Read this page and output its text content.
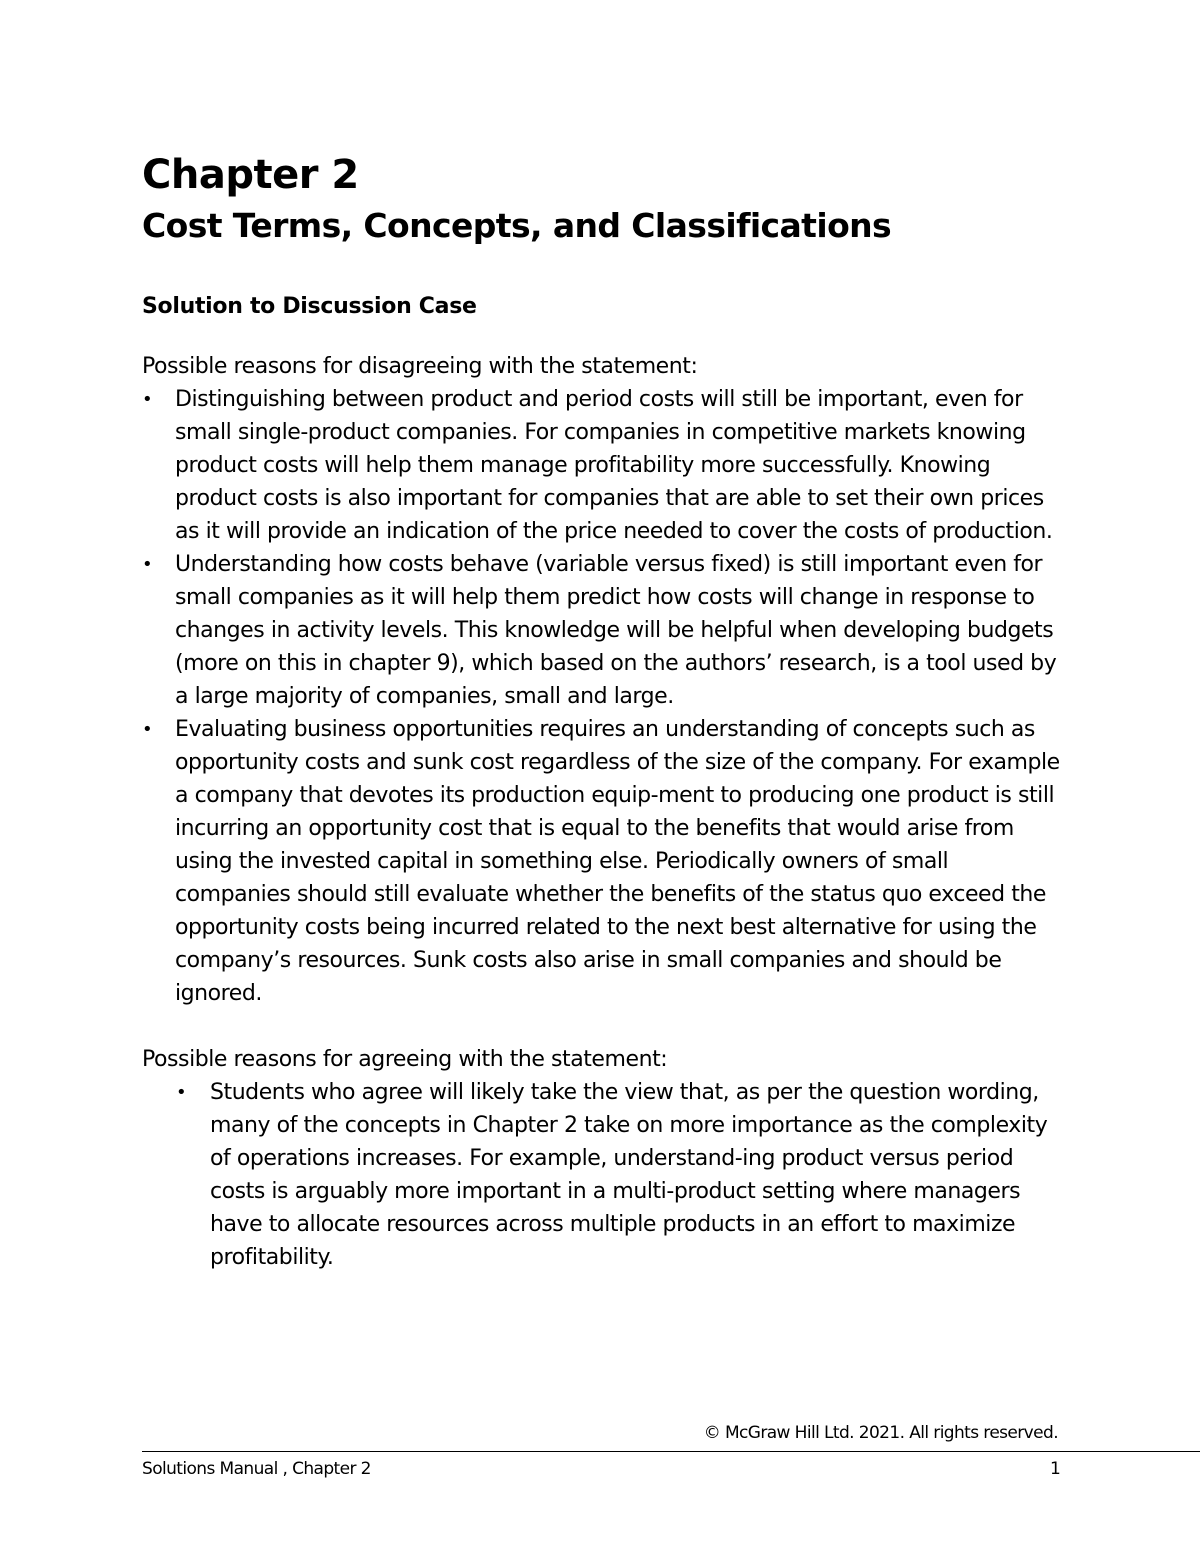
Chapter 2
Cost Terms, Concepts, and Classifications
Solution to Discussion Case

Possible reasons for disagreeing with the statement:

• Distinguishing between product and period costs will still be important, even for small single-product companies. For companies in competitive markets knowing product costs will help them manage profitability more successfully. Knowing product costs is also important for companies that are able to set their own prices as it will provide an indication of the price needed to cover the costs of production.
• Understanding how costs behave (variable versus fixed) is still important even for small companies as it will help them predict how costs will change in response to changes in activity levels. This knowledge will be helpful when developing budgets (more on this in chapter 9), which based on the authors’ research, is a tool used by a large majority of companies, small and large.
• Evaluating business opportunities requires an understanding of concepts such as opportunity costs and sunk cost regardless of the size of the company. For example a company that devotes its production equip-ment to producing one product is still incurring an opportunity cost that is equal to the benefits that would arise from using the invested capital in something else. Periodically owners of small companies should still evaluate whether the benefits of the status quo exceed the opportunity costs being incurred related to the next best alternative for using the company’s resources. Sunk costs also arise in small companies and should be ignored.

Possible reasons for agreeing with the statement:

• Students who agree will likely take the view that, as per the question wording, many of the concepts in Chapter 2 take on more importance as the complexity of operations increases. For example, understand-ing product versus period costs is arguably more important in a multi-product setting where managers have to allocate resources across multiple products in an effort to maximize profitability.
© McGraw Hill Ltd. 2021. All rights reserved.
Solutions Manual , Chapter 2	1
